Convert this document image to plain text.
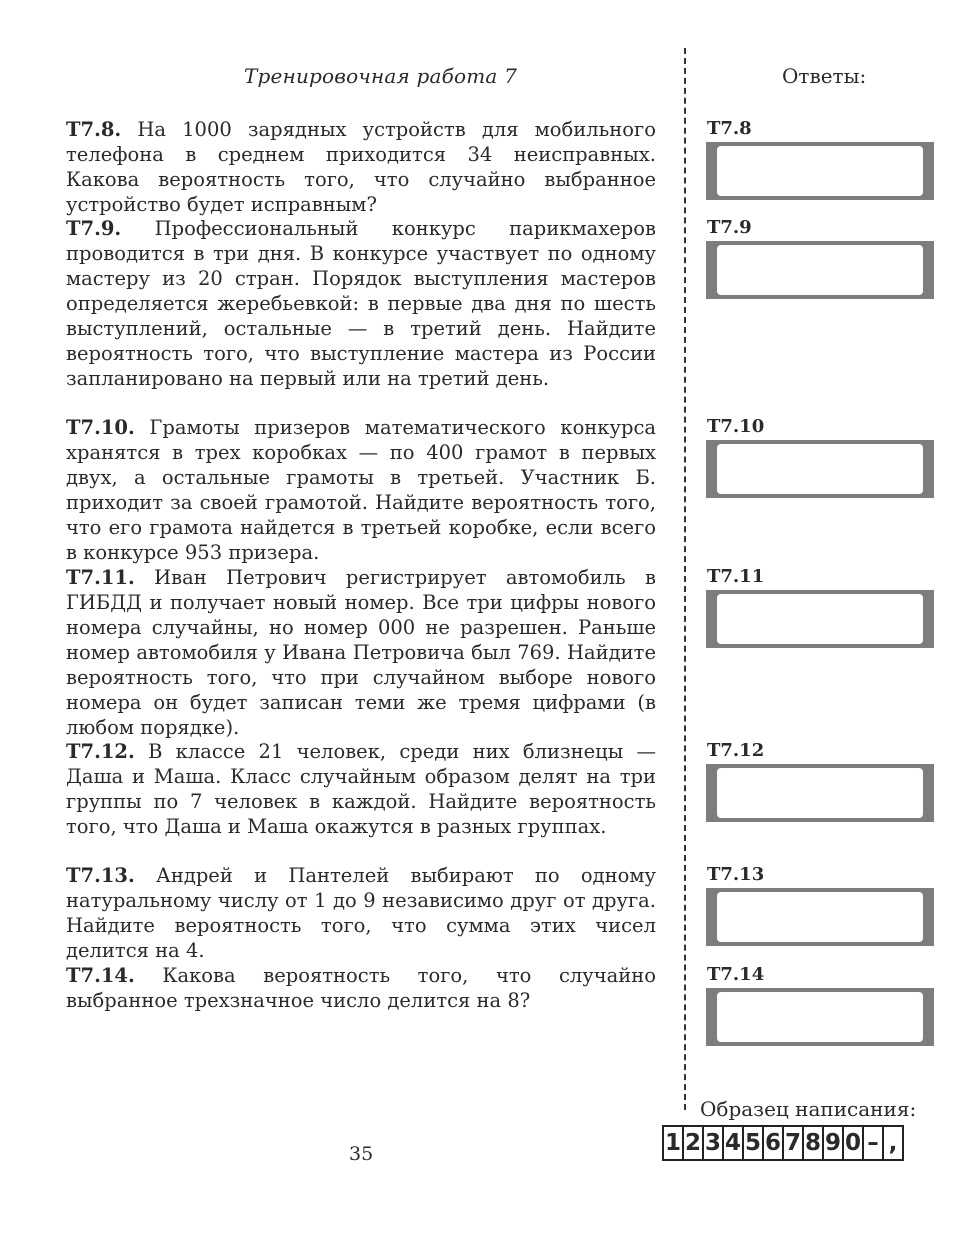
Тренировочная работа 7	Ответы:
T7.8. На 1000 зарядных устройств для мобильного телефона в среднем приходится 34 неисправных. Какова вероятность того, что случайно выбранное устройство будет исправным?
T7.9. Профессиональный конкурс парикмахеров проводится в три дня. В конкурсе участвует по одному мастеру из 20 стран. Порядок выступления мастеров определяется жеребьевкой: в первые два дня по шесть выступлений, остальные — в третий день. Найдите вероятность того, что выступление мастера из России запланировано на первый или на третий день.
T7.10. Грамоты призеров математического конкурса хранятся в трех коробках — по 400 грамот в первых двух, а остальные грамоты в третьей. Участник Б. приходит за своей грамотой. Найдите вероятность того, что его грамота найдется в третьей коробке, если всего в конкурсе 953 призера.
T7.11. Иван Петрович регистрирует автомобиль в ГИБДД и получает новый номер. Все три цифры нового номера случайны, но номер 000 не разрешен. Раньше номер автомобиля у Ивана Петровича был 769. Найдите вероятность того, что при случайном выборе нового номера он будет записан теми же тремя цифрами (в любом порядке).
T7.12. В классе 21 человек, среди них близнецы — Даша и Маша. Класс случайным образом делят на три группы по 7 человек в каждой. Найдите вероятность того, что Даша и Маша окажутся в разных группах.
T7.13. Андрей и Пантелей выбирают по одному натуральному числу от 1 до 9 независимо друг от друга. Найдите вероятность того, что сумма этих чисел делится на 4.
T7.14. Какова вероятность того, что случайно выбранное трехзначное число делится на 8?
T7.8
T7.9
T7.10
T7.11
T7.12
T7.13
T7.14
Образец написания:
1 2 3 4 5 6 7 8 9 0 – ,
35
